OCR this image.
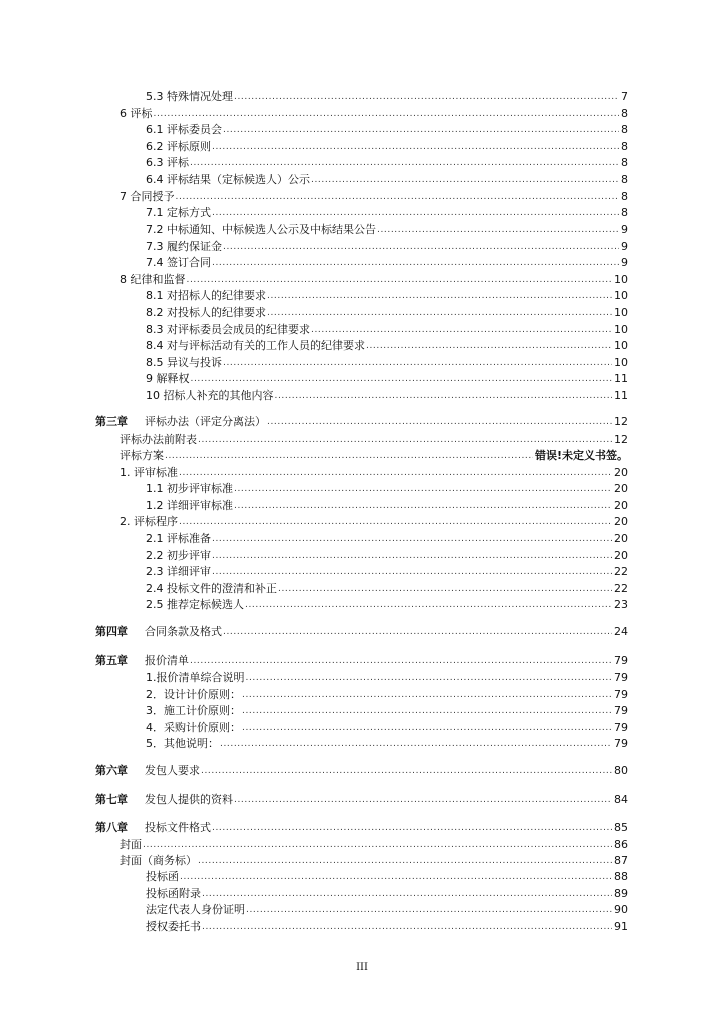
5.3 特殊情况处理 .....	7
6 评标 .....	8
6.1 评标委员会 .....	8
6.2 评标原则 .....	8
6.3 评标 .....	8
6.4 评标结果（定标候选人）公示 .....	8
7 合同授予 .....	8
7.1 定标方式 .....	8
7.2 中标通知、中标候选人公示及中标结果公告 .....	9
7.3 履约保证金 .....	9
7.4 签订合同 .....	9
8 纪律和监督 .....	10
8.1 对招标人的纪律要求 .....	10
8.2 对投标人的纪律要求 .....	10
8.3 对评标委员会成员的纪律要求 .....	10
8.4 对与评标活动有关的工作人员的纪律要求 .....	10
8.5 异议与投诉 .....	10
9 解释权 .....	11
10 招标人补充的其他内容 .....	11
第三章 评标办法（评定分离法） .....	12
评标办法前附表 .....	12
评标方案 .....	错误!未定义书签。
1. 评审标准 .....	20
1.1 初步评审标准 .....	20
1.2 详细评审标准 .....	20
2. 评标程序 .....	20
2.1 评标准备 .....	20
2.2 初步评审 .....	20
2.3 详细评审 .....	22
2.4 投标文件的澄清和补正 .....	22
2.5 推荐定标候选人 .....	23
第四章 合同条款及格式 .....	24
第五章 报价清单 .....	79
1.报价清单综合说明 .....	79
2．设计计价原则： .....	79
3．施工计价原则： .....	79
4．采购计价原则： .....	79
5．其他说明： .....	79
第六章 发包人要求 .....	80
第七章 发包人提供的资料 .....	84
第八章 投标文件格式 .....	85
封面 .....	86
封面（商务标） .....	87
投标函 .....	88
投标函附录 .....	89
法定代表人身份证明 .....	90
授权委托书 .....	91
III
